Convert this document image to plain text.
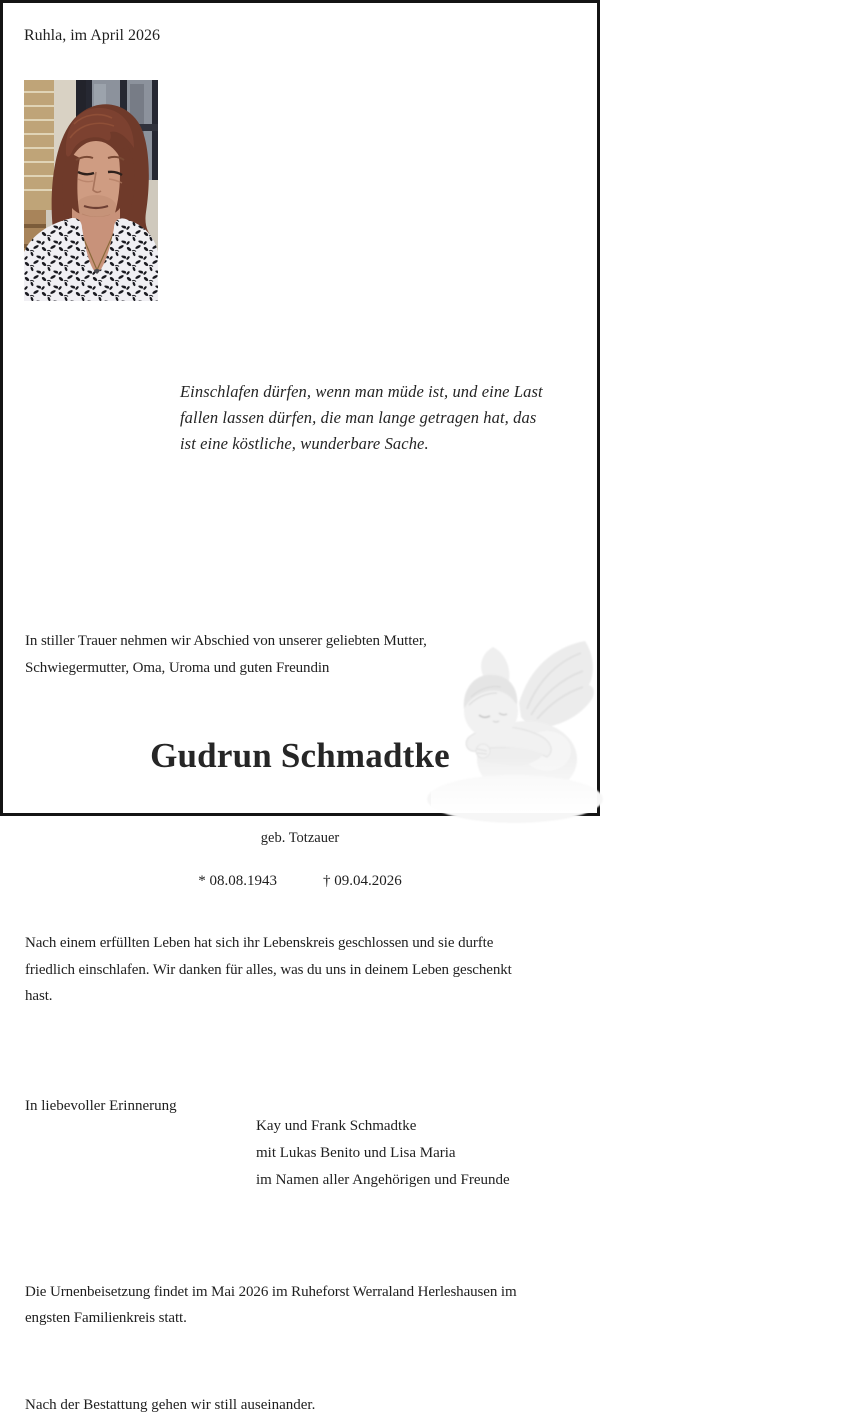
Ruhla, im April 2026
Einschlafen dürfen, wenn man müde ist, und eine Last
fallen lassen dürfen, die man lange getragen hat, das
ist eine köstliche, wunderbare Sache.
In stiller Trauer nehmen wir Abschied von unserer geliebten Mutter,
Schwiegermutter, Oma, Uroma und guten Freundin
Gudrun Schmadtke
geb. Totzauer
* 08.08.1943	† 09.04.2026
Nach einem erfüllten Leben hat sich ihr Lebenskreis geschlossen und sie durfte
friedlich einschlafen. Wir danken für alles, was du uns in deinem Leben geschenkt
hast.
In liebevoller Erinnerung
Kay und Frank Schmadtke
mit Lukas Benito und Lisa Maria
im Namen aller Angehörigen und Freunde
Die Urnenbeisetzung findet im Mai 2026 im Ruheforst Werraland Herleshausen im
engsten Familienkreis statt.
Nach der Bestattung gehen wir still auseinander.
